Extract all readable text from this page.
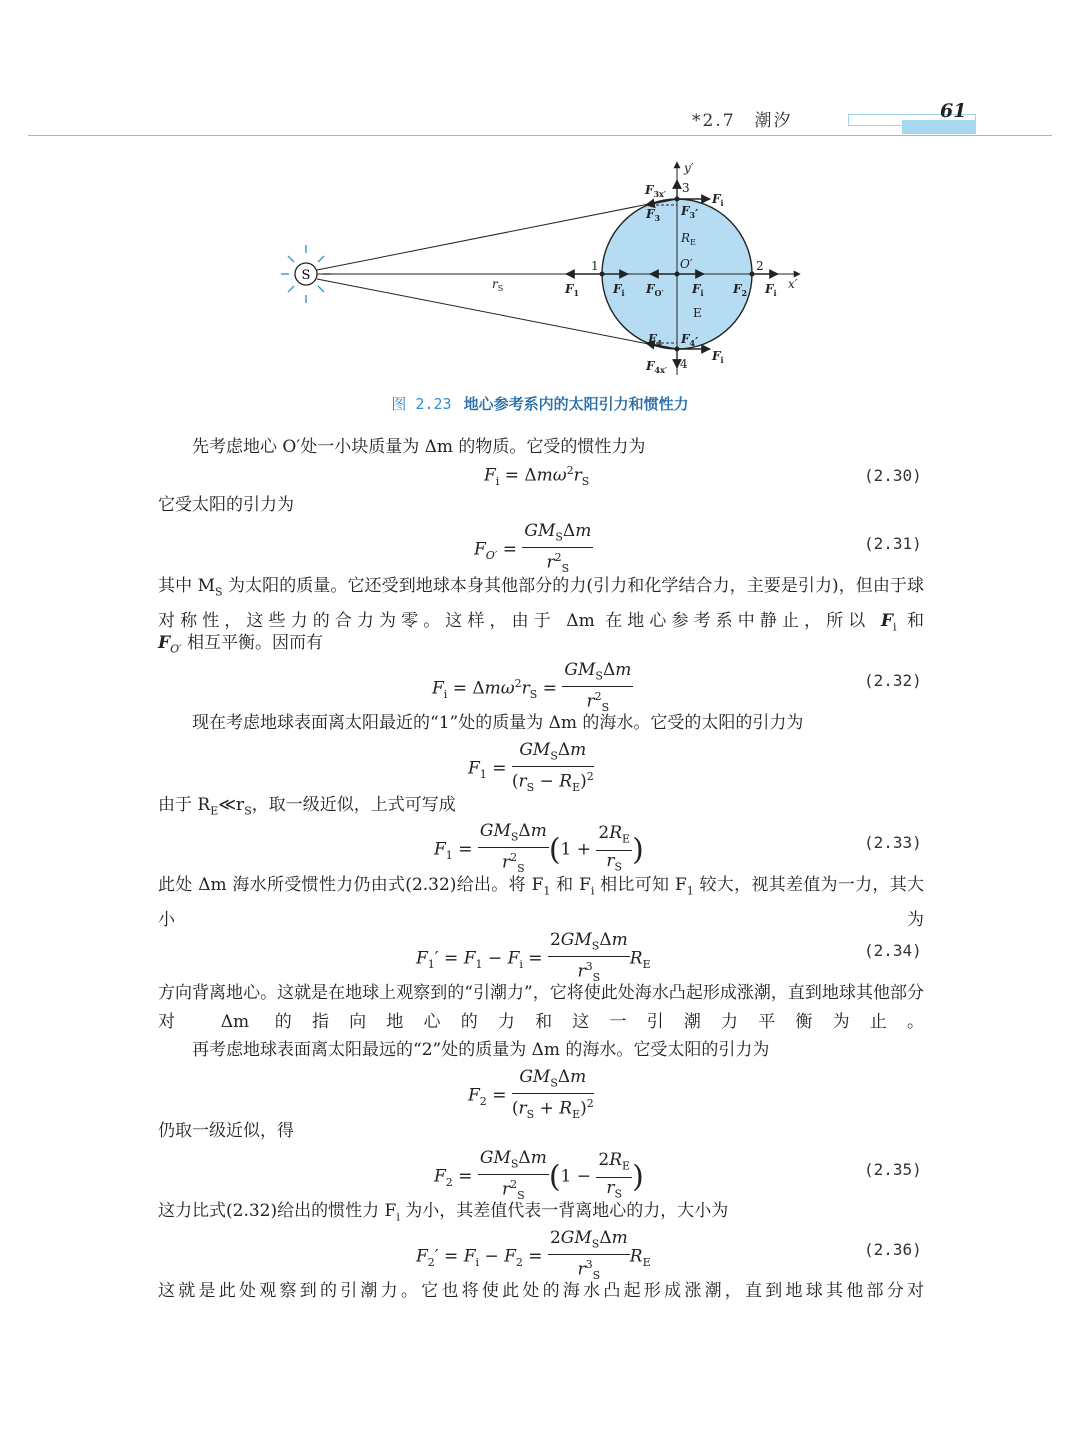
*2.7　潮汐	61
S
y′
x′
1	2
3
4
O′
E
$R_E$
$r_S$	$F_1$	$F_i$ $F_{O'}$ $F_i$ $F_2$ $F_i$
$F_{3x'}$	$F_i$
$F_3$ $F_3'$
$F_4$ $F_4'$
$F_i$
$F_{4x'}$
图 2.23 地心参考系内的太阳引力和惯性力
先考虑地心 O′处一小块质量为 Δm 的物质。它受的惯性力为
$F_i = \Delta m\omega^2r_S$	(2.30)
它受太阳的引力为
$F_{O'} = \frac{GM_S\Delta m}{r^2_S}$	(2.31)
其中 $M_S$ 为太阳的质量。它还受到地球本身其他部分的力(引力和化学结合力，主要是引力)，但由于球对称性，这些力的合力为零。这样，由于 Δm 在地心参考系中静止，所以 $F_i$ 和
$F_{O'}$ 相互平衡。因而有
$F_i = \Delta m\omega^2r_S = \frac{GM_S\Delta m}{r^2_S}$	(2.32)
现在考虑地球表面离太阳最近的“1”处的质量为 Δm 的海水。它受的太阳的引力为
$F_1 = \frac{GM_S\Delta m}{(r_S - R_E)^2}$
由于 $R_E≪r_S$，取一级近似，上式可写成
$F_1 = \frac{GM_S\Delta m}{r^2_S} (1 + \frac{2R_E}{r_S}$ )	(2.33)
此处 Δm 海水所受惯性力仍由式(2.32)给出。将 $F_1$ 和 $F_i$ 相比可知 $F_1$ 较大，视其差值为一力，其大小为
$F_1' = F_1 - F_i = \frac{2GM_S\Delta m}{r^3_S} R_E$
(2.34)
方向背离地心。这就是在地球上观察到的“引潮力”，它将使此处海水凸起形成涨潮，直到地球其他部分对 Δm 的指向地心的力和这一引潮力平衡为止。
再考虑地球表面离太阳最远的“2”处的质量为 Δm 的海水。它受太阳的引力为
$F_2 = \frac{GM_S\Delta m}{(r_S + R_E)^2}$
仍取一级近似，得
$F_2 = \frac{GM_S\Delta m}{r^2_S} (1 - \frac{2R_E}{r_S}$ )	(2.35)
这力比式(2.32)给出的惯性力 $F_i$ 为小，其差值代表一背离地心的力，大小为
$F_2' = F_i - F_2 = \frac{2GM_S\Delta m}{r^3_S} R_E$
(2.36)
这就是此处观察到的引潮力。它也将使此处的海水凸起形成涨潮，直到地球其他部分对
